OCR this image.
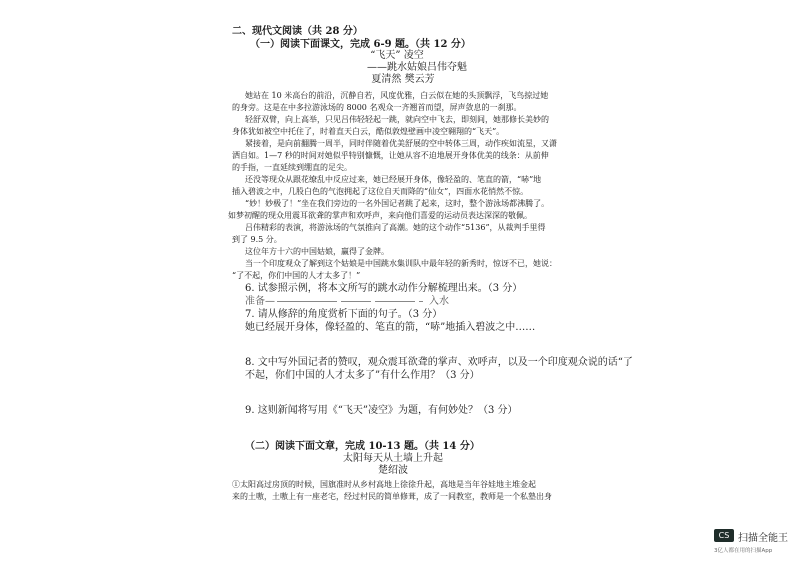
二、现代文阅读（共 28 分）
（一）阅读下面课文，完成 6-9 题。（共 12 分）
“飞天” 凌空
——跳水姑娘吕伟夺魁
夏清然 樊云芳
她站在 10 米高台的前沿，沉静自若，风度优雅，白云似在她的头顶飘浮，飞鸟掠过她
的身旁。这是在中多拉游泳场的 8000 名观众一齐翘首而望，屏声敛息的一刹那。
轻舒双臂，向上高举，只见吕伟轻轻起一跳，就向空中飞去，即刻间，她那修长美妙的
身体犹如被空中托住了，时着直天白云，酷似敦煌壁画中凌空翱翔的“飞天”。
紧接着，是向前翻腾一周半，同时伴随着优美舒展的空中转体三周，动作疾如流星，又潇
洒自如。1—7 秒的时间对她似乎特别慷慨，让她从容不迫地展开身体优美的线条：从前伸
的手指，一直延续到绷直的足尖。
还没等现众从跟花缭乱中反应过来，她已经展开身体，像轻盈的、笔直的箭，“哧”地
插入碧波之中，几股白色的气泡拥起了这位自天而降的“仙女”，四面水花悄然不惊。
“妙！妙极了！”坐在我们旁边的一名外国记者跳了起来，这时，整个游泳场都沸腾了。
如梦初醒的现众用震耳欲聋的掌声和欢呼声，来向他们喜爱的运动员表达深深的敬佩。
吕伟精彩的表演，将游泳场的气氛推向了高潮。她的这个动作“5136”，从裁判手里得
到了 9.5 分。
这位年方十六的中国姑娘，赢得了金牌。
当一个印度观众了解到这个姑娘是中国跳水集训队中最年轻的新秀时，惊讶不已，她说：
“了不起，你们中国的人才太多了！”
6. 试参照示例，将本文所写的跳水动作分解梳理出来。（3 分）
准备—	入水
7. 请从修辞的角度赏析下面的句子。（3 分）
她已经展开身体，像轻盈的、笔直的箭，“哧”地插入碧波之中……
8. 文中写外国记者的赞叹，观众震耳欲聋的掌声、欢呼声，以及一个印度观众说的话“了
不起，你们中国的人才太多了”有什么作用？（3 分）
9. 这则新闻将写用《“飞天”凌空》为题，有何妙处？（3 分）
（二）阅读下面文章，完成 10-13 题。（共 14 分）
太阳每天从土墙上升起
楚绍波
①太阳高过房顶的时候，国旗准时从乡村高地上徐徐升起，高地是当年谷娃地主堆金起
来的土嗷，土嗷上有一座老宅，经过村民的简单修葺，成了一间教室，教师是一个私塾出身
CS 扫描全能王
3亿人都在用的扫描App
